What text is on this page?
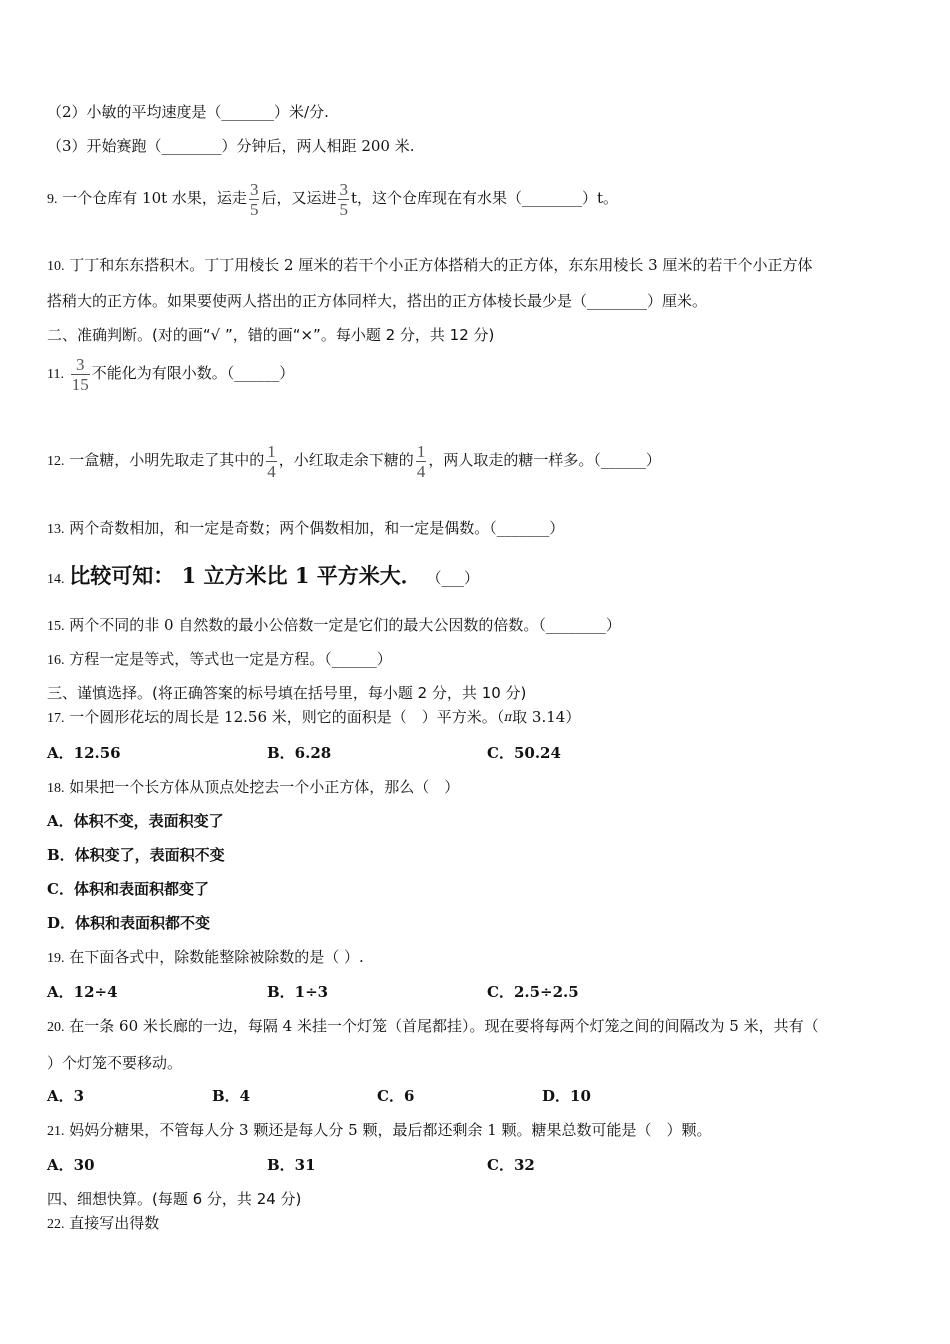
（2）小敏的平均速度是（_______）米/分.
（3）开始赛跑（________）分钟后，两人相距 200 米.
9. 一个仓库有 10t 水果，运走 $\frac{3}{5}$ 后，又运进 $\frac{3}{5}$ t，这个仓库现在有水果（________）t。
10. 丁丁和东东搭积木。丁丁用棱长 2 厘米的若干个小正方体搭稍大的正方体，东东用棱长 3 厘米的若干个小正方体
搭稍大的正方体。如果要使两人搭出的正方体同样大，搭出的正方体棱长最少是（________）厘米。
二、准确判断。(对的画“√ ”，错的画“×”。每小题 2 分，共 12 分)
11. $\frac{3}{15}$ 不能化为有限小数。（______）
12. 一盒糖，小明先取走了其中的 $\frac{1}{4}$ ，小红取走余下糖的 $\frac{1}{4}$ ，两人取走的糖一样多。（______）
13. 两个奇数相加，和一定是奇数；两个偶数相加，和一定是偶数。（_______）
14. 比较可知： 1 立方米比 1 平方米大． （___）
15. 两个不同的非 0 自然数的最小公倍数一定是它们的最大公因数的倍数。（________）
16. 方程一定是等式，等式也一定是方程。（______）
三、谨慎选择。(将正确答案的标号填在括号里，每小题 2 分，共 10 分)
17. 一个圆形花坛的周长是 12.56 米，则它的面积是（　）平方米。（$^\pi$取 3.14）
A．12.56	B．6.28	C．50.24
18. 如果把一个长方体从顶点处挖去一个小正方体，那么（　）
A．体积不变，表面积变了
B．体积变了，表面积不变
C．体积和表面积都变了
D．体积和表面积都不变
19. 在下面各式中，除数能整除被除数的是（ ）.
A．12÷4	B．1÷3	C．2.5÷2.5
20. 在一条 60 米长廊的一边，每隔 4 米挂一个灯笼（首尾都挂）。现在要将每两个灯笼之间的间隔改为 5 米，共有（
）个灯笼不要移动。
A．3	B．4	C．6	D．10
21. 妈妈分糖果，不管每人分 3 颗还是每人分 5 颗，最后都还剩余 1 颗。糖果总数可能是（　）颗。
A．30	B．31	C．32
四、细想快算。(每题 6 分，共 24 分)
22. 直接写出得数
